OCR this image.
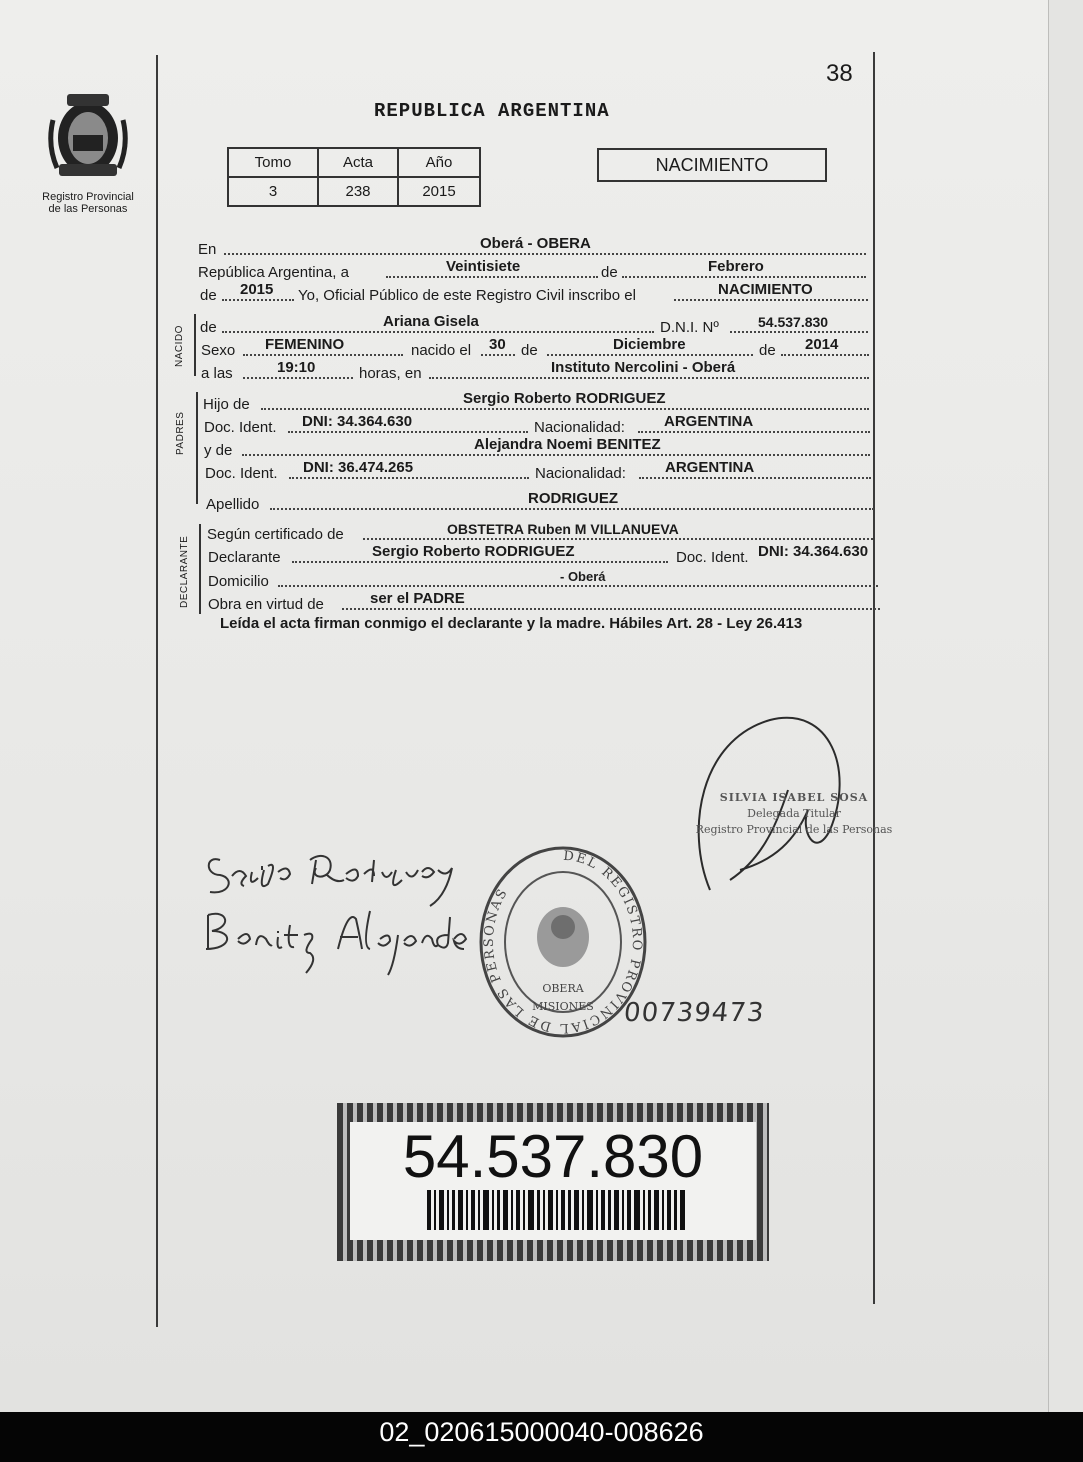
38
Registro Provincial de las Personas
REPUBLICA ARGENTINA
Tomo	Acta	Año
3	238	2015
NACIMIENTO
En	Oberá - OBERA
República Argentina, a	Veintisiete	de	Febrero
de 2015 Yo, Oficial Público de este Registro Civil inscribo el	NACIMIENTO
de	Ariana Gisela	D.N.I. Nº	54.537.830
Sexo FEMENINO	nacido el 30 de	Diciembre	de 2014
a las	19:10	horas, en	Instituto Nercolini - Oberá
Hijo de	Sergio Roberto RODRIGUEZ
Doc. Ident. DNI: 34.364.630	Nacionalidad:	ARGENTINA
y de	Alejandra Noemi BENITEZ
Doc. Ident. DNI: 36.474.265	Nacionalidad:	ARGENTINA
Apellido	RODRIGUEZ
Según certificado de	OBSTETRA Ruben M VILLANUEVA
Declarante	Sergio Roberto RODRIGUEZ	Doc. Ident. DNI: 34.364.630
Domicilio	- Oberá
Obra en virtud de	ser el PADRE
NACIDO
PADRES
DECLARANTE
Leída el acta firman conmigo el declarante y la madre. Hábiles Art. 28 - Ley 26.413
SILVIA ISABEL SOSA
Delegada Titular
Registro Provincial de las Personas
DEL REGISTRO PROVINCIAL DE LAS PERSONAS
OBERA
MISIONES 00739473
54.537.830
02_020615000040-008626
